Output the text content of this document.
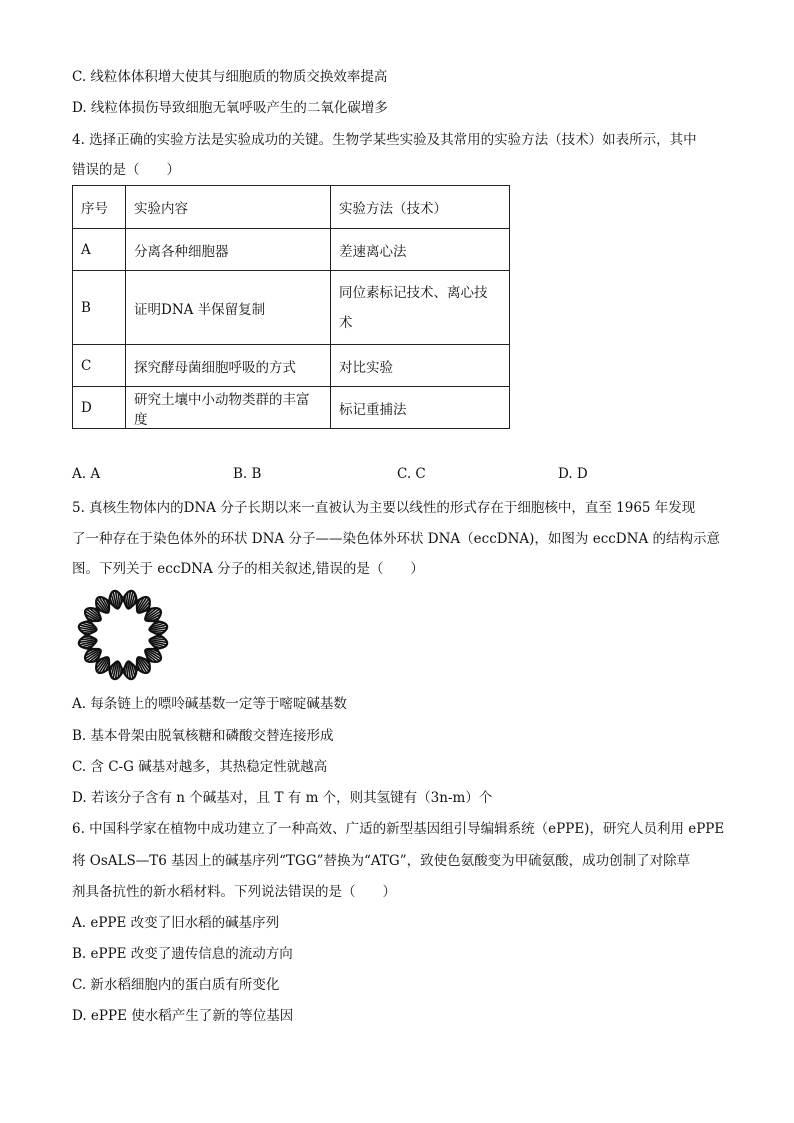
C. 线粒体体积增大使其与细胞质的物质交换效率提高
D. 线粒体损伤导致细胞无氧呼吸产生的二氧化碳增多
4. 选择正确的实验方法是实验成功的关键。生物学某些实验及其常用的实验方法（技术）如表所示，其中
错误的是（　　）
序号	实验内容	实验方法（技术）
A	分离各种细胞器	差速离心法
B	证明DNA 半保留复制	同位素标记技术、离心技
术

C	探究酵母菌细胞呼吸的方式	对比实验
D	研究土壤中小动物类群的丰富度	标记重捕法
A. A	B. B	C. C	D. D
5. 真核生物体内的DNA 分子长期以来一直被认为主要以线性的形式存在于细胞核中，直至 1965 年发现
了一种存在于染色体外的环状 DNA 分子——染色体外环状 DNA（eccDNA)，如图为 eccDNA 的结构示意
图。下列关于 eccDNA 分子的相关叙述,错误的是（　　）
A. 每条链上的嘌呤碱基数一定等于嘧啶碱基数
B. 基本骨架由脱氧核糖和磷酸交替连接形成
C. 含 C-G 碱基对越多，其热稳定性就越高
D. 若该分子含有 n 个碱基对，且 T 有 m 个，则其氢键有（3n-m）个
6. 中国科学家在植物中成功建立了一种高效、广适的新型基因组引导编辑系统（ePPE)，研究人员利用 ePPE
将 OsALS—T6 基因上的碱基序列“TGG”替换为“ATG”，致使色氨酸变为甲硫氨酸，成功创制了对除草
剂具备抗性的新水稻材料。下列说法错误的是（　　）
A. ePPE 改变了旧水稻的碱基序列
B. ePPE 改变了遗传信息的流动方向
C. 新水稻细胞内的蛋白质有所变化
D. ePPE 使水稻产生了新的等位基因
